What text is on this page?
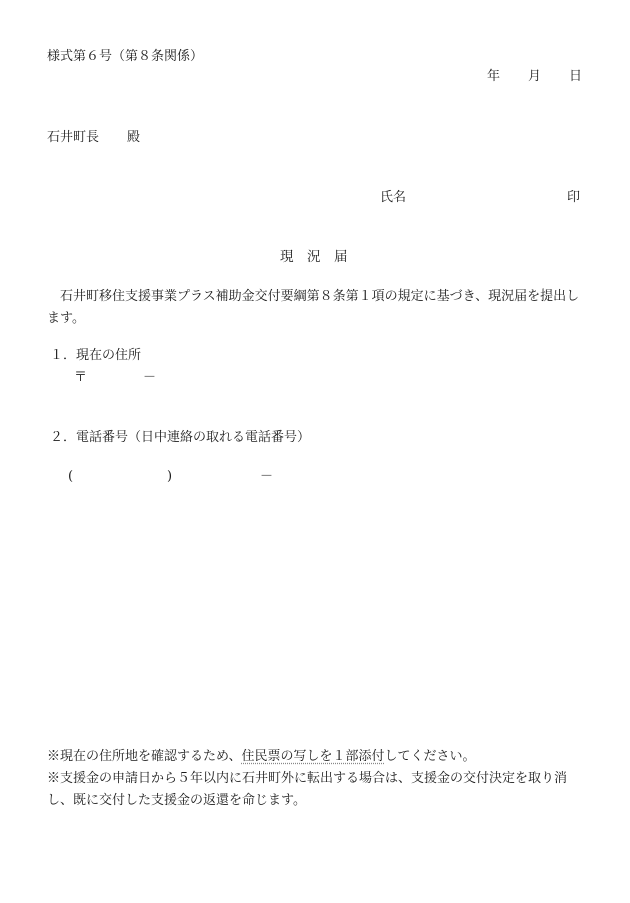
様式第６号（第８条関係）
年 月 日
石井町長 殿
氏名	印
現　況　届
　石井町移住支援事業プラス補助金交付要綱第８条第１項の規定に基づき、現況届を提出します。
１．現在の住所
〒	－
２．電話番号（日中連絡の取れる電話番号）
(	)	－
※現在の住所地を確認するため、住民票の写しを１部添付してください。
※支援金の申請日から５年以内に石井町外に転出する場合は、支援金の交付決定を取り消し、既に交付した支援金の返還を命じます。
